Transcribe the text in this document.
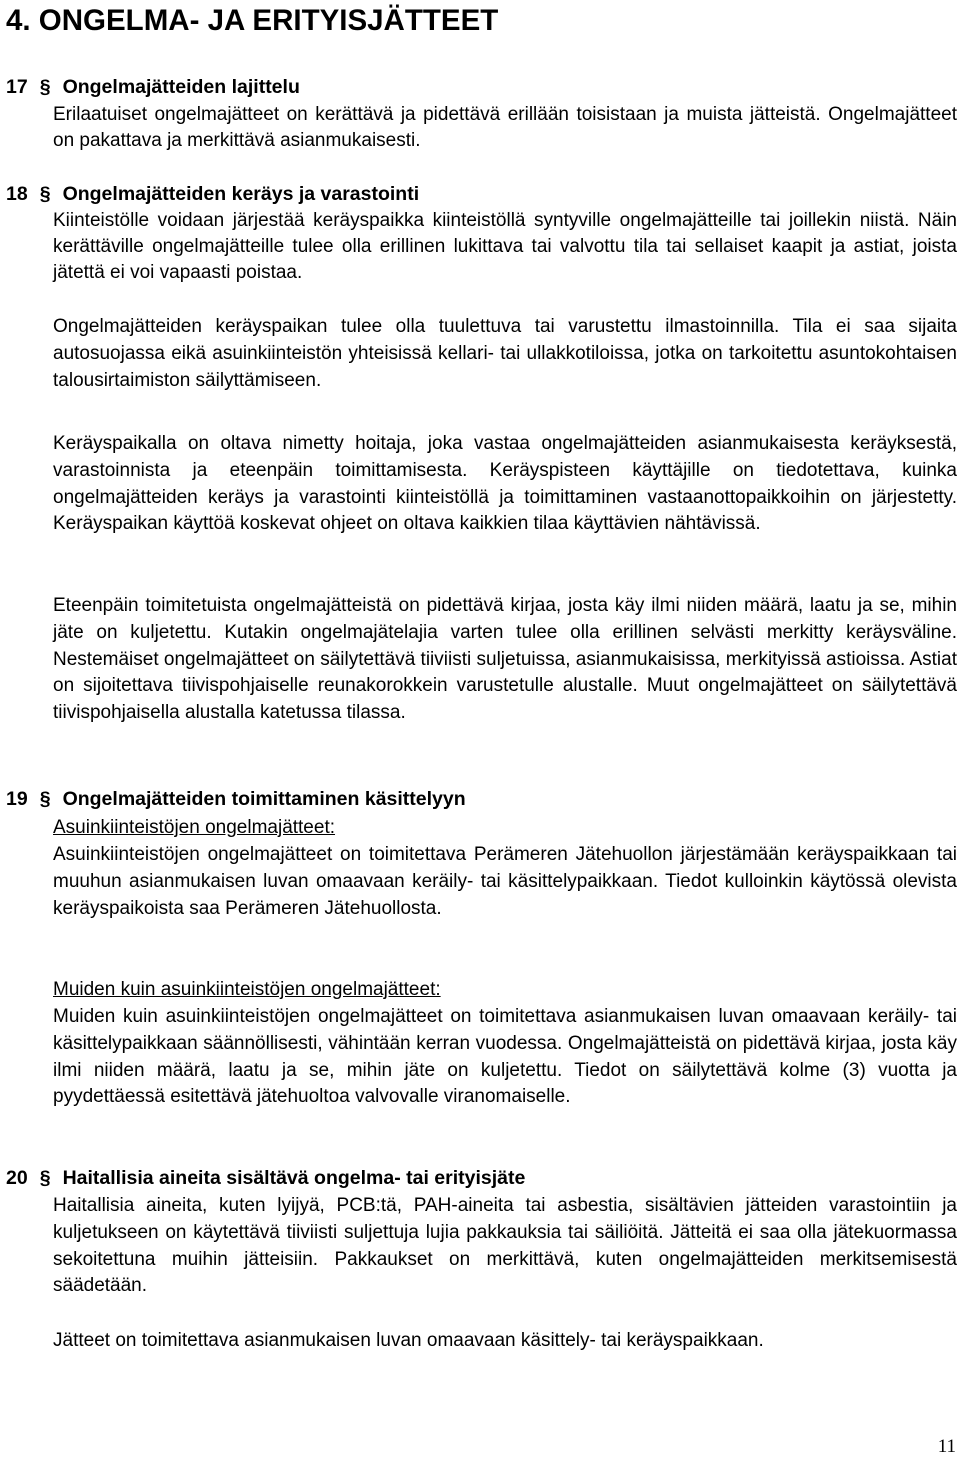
4. ONGELMA- JA ERITYISJÄTTEET
17 § Ongelmajätteiden lajittelu

Erilaatuiset ongelmajätteet on kerättävä ja pidettävä erillään toisistaan ja muista jätteistä. Ongelmajätteet on pakattava ja merkittävä asianmukaisesti.

18 § Ongelmajätteiden keräys ja varastointi

Kiinteistölle voidaan järjestää keräyspaikka kiinteistöllä syntyville ongelmajätteille tai joillekin niistä. Näin kerättäville ongelmajätteille tulee olla erillinen lukittava tai valvottu tila tai sellaiset kaapit ja astiat, joista jätettä ei voi vapaasti poistaa.

Ongelmajätteiden keräyspaikan tulee olla tuulettuva tai varustettu ilmastoinnilla. Tila ei saa sijaita autosuojassa eikä asuinkiinteistön yhteisissä kellari- tai ullakkotiloissa, jotka on tarkoitettu asuntokohtaisen talousirtaimiston säilyttämiseen.

Keräyspaikalla on oltava nimetty hoitaja, joka vastaa ongelmajätteiden asianmukaisesta keräyksestä, varastoinnista ja eteenpäin toimittamisesta. Keräyspisteen käyttäjille on tiedotettava, kuinka ongelmajätteiden keräys ja varastointi kiinteistöllä ja toimittaminen vastaanottopaikkoihin on järjestetty. Keräyspaikan käyttöä koskevat ohjeet on oltava kaikkien tilaa käyttävien nähtävissä.

Eteenpäin toimitetuista ongelmajätteistä on pidettävä kirjaa, josta käy ilmi niiden määrä, laatu ja se, mihin jäte on kuljetettu. Kutakin ongelmajätelajia varten tulee olla erillinen selvästi merkitty keräysväline. Nestemäiset ongelmajätteet on säilytettävä tiiviisti suljetuissa, asianmukaisissa, merkityissä astioissa. Astiat on sijoitettava tiivispohjaiselle reunakorokkein varustetulle alustalle. Muut ongelmajätteet on säilytettävä tiivispohjaisella alustalla katetussa tilassa.

19 § Ongelmajätteiden toimittaminen käsittelyyn
Asuinkiinteistöjen ongelmajätteet:

Asuinkiinteistöjen ongelmajätteet on toimitettava Perämeren Jätehuollon järjestämään keräyspaikkaan tai muuhun asianmukaisen luvan omaavaan keräily- tai käsittelypaikkaan. Tiedot kulloinkin käytössä olevista keräyspaikoista saa Perämeren Jätehuollosta.

Muiden kuin asuinkiinteistöjen ongelmajätteet:

Muiden kuin asuinkiinteistöjen ongelmajätteet on toimitettava asianmukaisen luvan omaavaan keräily- tai käsittelypaikkaan säännöllisesti, vähintään kerran vuodessa. Ongelmajätteistä on pidettävä kirjaa, josta käy ilmi niiden määrä, laatu ja se, mihin jäte on kuljetettu. Tiedot on säilytettävä kolme (3) vuotta ja pyydettäessä esitettävä jätehuoltoa valvovalle viranomaiselle.

20 § Haitallisia aineita sisältävä ongelma- tai erityisjäte

Haitallisia aineita, kuten lyijyä, PCB:tä, PAH-aineita tai asbestia, sisältävien jätteiden varastointiin ja kuljetukseen on käytettävä tiiviisti suljettuja lujia pakkauksia tai säiliöitä. Jätteitä ei saa olla jätekuormassa sekoitettuna muihin jätteisiin. Pakkaukset on merkittävä, kuten ongelmajätteiden merkitsemisestä säädetään.

Jätteet on toimitettava asianmukaisen luvan omaavaan käsittely- tai keräyspaikkaan.

11
